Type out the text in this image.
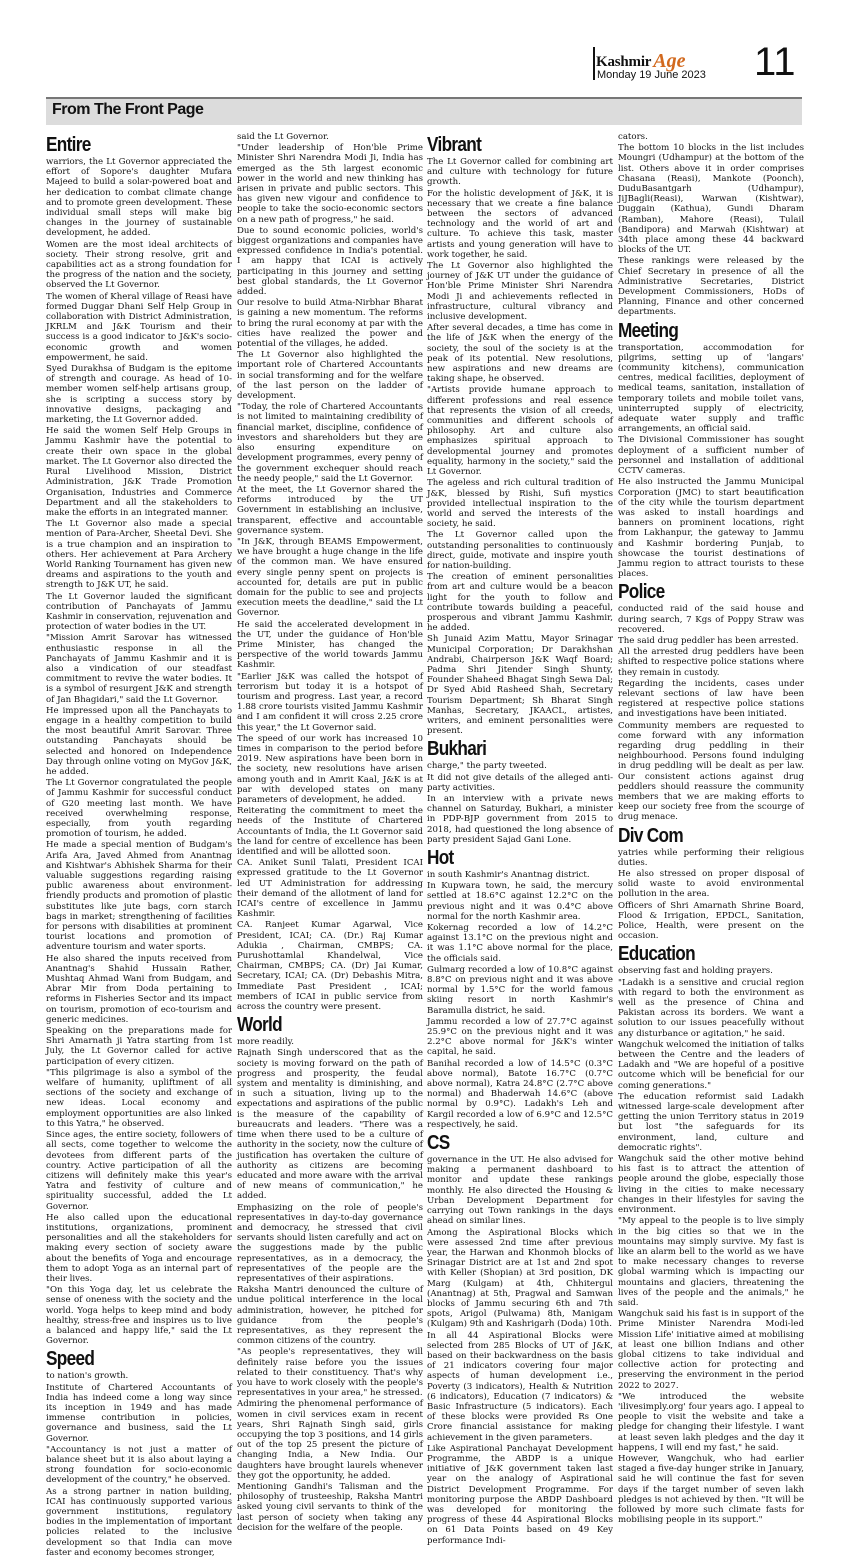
Kashmir Age
Monday 19 June 2023 11
From The Front Page
Entire

warriors, the Lt Governor appreciated the effort of Sopore's daughter Mufara Majeed to build a solar-powered boat and her dedication to combat climate change and to promote green development. These individual small steps will make big changes in the journey of sustainable development, he added.

Women are the most ideal architects of society. Their strong resolve, grit and capabilities act as a strong foundation for the progress of the nation and the society, observed the Lt Governor.

The women of Kheral village of Reasi have formed Duggar Dhani Self Help Group in collaboration with District Administration, JKRLM and J&K Tourism and their success is a good indicator to J&K's socio-economic growth and women empowerment, he said.

Syed Durakhsa of Budgam is the epitome of strength and courage. As head of 10-member women self-help artisans group, she is scripting a success story by innovative designs, packaging and marketing, the Lt Governor added.

He said the women Self Help Groups in Jammu Kashmir have the potential to create their own space in the global market. The Lt Governor also directed the Rural Livelihood Mission, District Administration, J&K Trade Promotion Organisation, Industries and Commerce Department and all the stakeholders to make the efforts in an integrated manner.

The Lt Governor also made a special mention of Para-Archer, Sheetal Devi. She is a true champion and an inspiration to others. Her achievement at Para Archery World Ranking Tournament has given new dreams and aspirations to the youth and strength to J&K UT, he said.

The Lt Governor lauded the significant contribution of Panchayats of Jammu Kashmir in conservation, rejuvenation and protection of water bodies in the UT.

"Mission Amrit Sarovar has witnessed enthusiastic response in all the Panchayats of Jammu Kashmir and it is also a vindication of our steadfast commitment to revive the water bodies. It is a symbol of resurgent J&K and strength of Jan Bhagidari," said the Lt Governor.

He impressed upon all the Panchayats to engage in a healthy competition to build the most beautiful Amrit Sarovar. Three outstanding Panchayats should be selected and honored on Independence Day through online voting on MyGov J&K, he added.

The Lt Governor congratulated the people of Jammu Kashmir for successful conduct of G20 meeting last month. We have received overwhelming response, especially, from youth regarding promotion of tourism, he added.

He made a special mention of Budgam's Arifa Ara, Javed Ahmed from Anantnag and Kishtwar's Abhishek Sharma for their valuable suggestions regarding raising public awareness about environment-friendly products and promotion of plastic substitutes like jute bags, corn starch bags in market; strengthening of facilities for persons with disabilities at prominent tourist locations and promotion of adventure tourism and water sports.

He also shared the inputs received from Anantnag's Shahid Hussain Rather, Mushtaq Ahmad Wani from Budgam, and Abrar Mir from Doda pertaining to reforms in Fisheries Sector and its impact on tourism, promotion of eco-tourism and generic medicines.

Speaking on the preparations made for Shri Amarnath ji Yatra starting from 1st July, the Lt Governor called for active participation of every citizen.

"This pilgrimage is also a symbol of the welfare of humanity, upliftment of all sections of the society and exchange of new ideas. Local economy and employment opportunities are also linked to this Yatra," he observed.

Since ages, the entire society, followers of all sects, come together to welcome the devotees from different parts of the country. Active participation of all the citizens will definitely make this year's Yatra and festivity of culture and spirituality successful, added the Lt Governor.

He also called upon the educational institutions, organizations, prominent personalities and all the stakeholders for making every section of society aware about the benefits of Yoga and encourage them to adopt Yoga as an internal part of their lives.

"On this Yoga day, let us celebrate the sense of oneness with the society and the world. Yoga helps to keep mind and body healthy, stress-free and inspires us to live a balanced and happy life," said the Lt Governor.

Speed

to nation's growth.

Institute of Chartered Accountants of India has indeed come a long way since its inception in 1949 and has made immense contribution in policies, governance and business, said the Lt Governor.

"Accountancy is not just a matter of balance sheet but it is also about laying a strong foundation for socio-economic development of the country," he observed.

As a strong partner in nation building, ICAI has continuously supported various government institutions, regulatory bodies in the implementation of important policies related to the inclusive development so that India can move faster and economy becomes stronger,

said the Lt Governor.

"Under leadership of Hon'ble Prime Minister Shri Narendra Modi Ji, India has emerged as the 5th largest economic power in the world and new thinking has arisen in private and public sectors. This has given new vigour and confidence to people to take the socio-economic sectors on a new path of progress," he said.

Due to sound economic policies, world's biggest organizations and companies have expressed confidence in India's potential. I am happy that ICAI is actively participating in this journey and setting best global standards, the Lt Governor added.

Our resolve to build Atma-Nirbhar Bharat is gaining a new momentum. The reforms to bring the rural economy at par with the cities have realized the power and potential of the villages, he added.

The Lt Governor also highlighted the important role of Chartered Accountants in social transforming and for the welfare of the last person on the ladder of development.

"Today, the role of Chartered Accountants is not limited to maintaining credibility of financial market, discipline, confidence of investors and shareholders but they are also ensuring expenditure on development programmes, every penny of the government exchequer should reach the needy people," said the Lt Governor.

At the meet, the Lt Governor shared the reforms introduced by the UT Government in establishing an inclusive, transparent, effective and accountable governance system.

"In J&K, through BEAMS Empowerment, we have brought a huge change in the life of the common man. We have ensured every single penny spent on projects is accounted for, details are put in public domain for the public to see and projects execution meets the deadline," said the Lt Governor.

He said the accelerated development in the UT, under the guidance of Hon'ble Prime Minister, has changed the perspective of the world towards Jammu Kashmir.

"Earlier J&K was called the hotspot of terrorism but today it is a hotspot of tourism and progress. Last year, a record 1.88 crore tourists visited Jammu Kashmir and I am confident it will cross 2.25 crore this year," the Lt Governor said.

The speed of our work has increased 10 times in comparison to the period before 2019. New aspirations have been born in the society, new resolutions have arisen among youth and in Amrit Kaal, J&K is at par with developed states on many parameters of development, he added.

Reiterating the commitment to meet the needs of the Institute of Chartered Accountants of India, the Lt Governor said the land for centre of excellence has been identified and will be allotted soon.

CA. Aniket Sunil Talati, President ICAI expressed gratitude to the Lt Governor led UT Administration for addressing their demand of the allotment of land for ICAI's centre of excellence in Jammu Kashmir.

CA. Ranjeet Kumar Agarwal, Vice President, ICAI; CA. (Dr.) Raj Kumar Adukia , Chairman, CMBPS; CA. Purushottamlal Khandelwal, Vice Chairman, CMBPS; CA. (Dr) Jai Kumar, Secretary, ICAI; CA. (Dr) Debashis Mitra, Immediate Past President , ICAI; members of ICAI in public service from across the country were present.

World

more readily.

Rajnath Singh underscored that as the society is moving forward on the path of progress and prosperity, the feudal system and mentality is diminishing, and in such a situation, living up to the expectations and aspirations of the public is the measure of the capability of bureaucrats and leaders. "There was a time when there used to be a culture of authority in the society, now the culture of justification has overtaken the culture of authority as citizens are becoming educated and more aware with the arrival of new means of communication," he added.

Emphasizing on the role of people's representatives in day-to-day governance and democracy, he stressed that civil servants should listen carefully and act on the suggestions made by the public representatives, as in a democracy, the representatives of the people are the representatives of their aspirations.

Raksha Mantri denounced the culture of undue political interference in the local administration, however, he pitched for guidance from the people's representatives, as they represent the common citizens of the country.

"As people's representatives, they will definitely raise before you the issues related to their constituency. That's why you have to work closely with the people's representatives in your area," he stressed.

Admiring the phenomenal performance of women in civil services exam in recent years, Shri Rajnath Singh said, girls occupying the top 3 positions, and 14 girls out of the top 25 present the picture of changing India, a New India. Our daughters have brought laurels whenever they got the opportunity, he added.

Mentioning Gandhi's Talisman and the philosophy of trusteeship, Raksha Mantri asked young civil servants to think of the last person of society when taking any decision for the welfare of the people.

Vibrant

The Lt Governor called for combining art and culture with technology for future growth.

For the holistic development of J&K, it is necessary that we create a fine balance between the sectors of advanced technology and the world of art and culture. To achieve this task, master artists and young generation will have to work together, he said.

The Lt Governor also highlighted the journey of J&K UT under the guidance of Hon'ble Prime Minister Shri Narendra Modi Ji and achievements reflected in infrastructure, cultural vibrancy and inclusive development.

After several decades, a time has come in the life of J&K when the energy of the society, the soul of the society is at the peak of its potential. New resolutions, new aspirations and new dreams are taking shape, he observed.

"Artists provide humane approach to different professions and real essence that represents the vision of all creeds, communities and different schools of philosophy. Art and culture also emphasizes spiritual approach to developmental journey and promotes equality, harmony in the society," said the Lt Governor.

The ageless and rich cultural tradition of J&K, blessed by Rishi, Sufi mystics provided intellectual inspiration to the world and served the interests of the society, he said.

The Lt Governor called upon the outstanding personalities to continuously direct, guide, motivate and inspire youth for nation-building.

The creation of eminent personalities from art and culture would be a beacon light for the youth to follow and contribute towards building a peaceful, prosperous and vibrant Jammu Kashmir, he added.

Sh Junaid Azim Mattu, Mayor Srinagar Municipal Corporation; Dr Darakhshan Andrabi, Chairperson J&K Waqf Board; Padma Shri Jitender Singh Shunty, Founder Shaheed Bhagat Singh Sewa Dal; Dr Syed Abid Rasheed Shah, Secretary Tourism Department; Sh Bharat Singh Manhas, Secretary, JKAACL, artistes, writers, and eminent personalities were present.

Bukhari

charge," the party tweeted.

It did not give details of the alleged anti-party activities.

In an interview with a private news channel on Saturday, Bukhari, a minister in PDP-BJP government from 2015 to 2018, had questioned the long absence of party president Sajad Gani Lone.

Hot

in south Kashmir's Anantnag district.

In Kupwara town, he said, the mercury settled at 18.6°C against 12.2°C on the previous night and it was 0.4°C above normal for the north Kashmir area.

Kokernag recorded a low of 14.2°C against 13.1°C on the previous night and it was 1.1°C above normal for the place, the officials said.

Gulmarg recorded a low of 10.8°C against 8.8°C on previous night and it was above normal by 1.5°C for the world famous skiing resort in north Kashmir's Baramulla district, he said.

Jammu recorded a low of 27.7°C against 25.9°C on the previous night and it was 2.2°C above normal for J&K's winter capital, he said.

Banihal recorded a low of 14.5°C (0.3°C above normal), Batote 16.7°C (0.7°C above normal), Katra 24.8°C (2.7°C above normal) and Bhaderwah 14.6°C (above normal by 0.9°C). Ladakh's Leh and Kargil recorded a low of 6.9°C and 12.5°C respectively, he said.

CS

governance in the UT. He also advised for making a permanent dashboard to monitor and update these rankings monthly. He also directed the Housing & Urban Development Department for carrying out Town rankings in the days ahead on similar lines.

Among the Aspirational Blocks which were assessed 2nd time after previous year, the Harwan and Khonmoh blocks of Srinagar District are at 1st and 2nd spot with Keller (Shopian) at 3rd position, DK Marg (Kulgam) at 4th, Chhitergul (Anantnag) at 5th, Pragwal and Samwan blocks of Jammu securing 6th and 7th spots, Arigol (Pulwama) 8th, Manigam (Kulgam) 9th and Kashrigarh (Doda) 10th.

In all 44 Aspirational Blocks were selected from 285 Blocks of UT of J&K, based on their backwardness on the basis of 21 indicators covering four major aspects of human development i.e., Poverty (3 indicators), Health & Nutrition (6 indicators), Education (7 indicators) & Basic Infrastructure (5 indicators). Each of these blocks were provided Rs One Crore financial assistance for making achievement in the given parameters.

Like Aspirational Panchayat Development Programme, the ABDP is a unique initiative of J&K government taken last year on the analogy of Aspirational District Development Programme. For monitoring purpose the ABDP Dashboard was developed for monitoring the progress of these 44 Aspirational Blocks on 61 Data Points based on 49 Key performance Indi-

cators.

The bottom 10 blocks in the list includes Moungri (Udhampur) at the bottom of the list. Others above it in order comprises Chasana (Reasi), Mankote (Poonch), DuduBasantgarh (Udhampur), JiJBagli(Reasi), Warwan (Kishtwar), Duggain (Kathua), Gundi Dharam (Ramban), Mahore (Reasi), Tulail (Bandipora) and Marwah (Kishtwar) at 34th place among these 44 backward blocks of the UT.

These rankings were released by the Chief Secretary in presence of all the Administrative Secretaries, District Development Commissioners, HoDs of Planning, Finance and other concerned departments.

Meeting

transportation, accommodation for pilgrims, setting up of 'langars' (community kitchens), communication centres, medical facilities, deployment of medical teams, sanitation, installation of temporary toilets and mobile toilet vans, uninterrupted supply of electricity, adequate water supply and traffic arrangements, an official said.

The Divisional Commissioner has sought deployment of a sufficient number of personnel and installation of additional CCTV cameras.

He also instructed the Jammu Municipal Corporation (JMC) to start beautification of the city while the tourism department was asked to install hoardings and banners on prominent locations, right from Lakhanpur, the gateway to Jammu and Kashmir bordering Punjab, to showcase the tourist destinations of Jammu region to attract tourists to these places.

Police

conducted raid of the said house and during search, 7 Kgs of Poppy Straw was recovered.

The said drug peddler has been arrested.

All the arrested drug peddlers have been shifted to respective police stations where they remain in custody.

Regarding the incidents, cases under relevant sections of law have been registered at respective police stations and investigations have been initiated.

Community members are requested to come forward with any information regarding drug peddling in their neighbourhood. Persons found indulging in drug peddling will be dealt as per law. Our consistent actions against drug peddlers should reassure the community members that we are making efforts to keep our society free from the scourge of drug menace.

Div Com

yatries while performing their religious duties.

He also stressed on proper disposal of solid waste to avoid environmental pollution in the area.

Officers of Shri Amarnath Shrine Board, Flood & Irrigation, EPDCL, Sanitation, Police, Health, were present on the occasion.

Education

observing fast and holding prayers.

"Ladakh is a sensitive and crucial region with regard to both the environment as well as the presence of China and Pakistan across its borders. We want a solution to our issues peacefully without any disturbance or agitation," he said.

Wangchuk welcomed the initiation of talks between the Centre and the leaders of Ladakh and "We are hopeful of a positive outcome which will be beneficial for our coming generations."

The education reformist said Ladakh witnessed large-scale development after getting the union Territory status in 2019 but lost "the safeguards for its environment, land, culture and democratic rights".

Wangchuk said the other motive behind his fast is to attract the attention of people around the globe, especially those living in the cities to make necessary changes in their lifestyles for saving the environment.

"My appeal to the people is to live simply in the big cities so that we in the mountains may simply survive. My fast is like an alarm bell to the world as we have to make necessary changes to reverse global warming which is impacting our mountains and glaciers, threatening the lives of the people and the animals," he said.

Wangchuk said his fast is in support of the Prime Minister Narendra Modi-led Mission Life' initiative aimed at mobilising at least one billion Indians and other global citizens to take individual and collective action for protecting and preserving the environment in the period 2022 to 2027.

"We introduced the website 'ilivesimply.org' four years ago. I appeal to people to visit the website and take a pledge for changing their lifestyle. I want at least seven lakh pledges and the day it happens, I will end my fast," he said.

However, Wangchuk, who had earlier staged a five-day hunger strike in January, said he will continue the fast for seven days if the target number of seven lakh pledges is not achieved by then. "It will be followed by more such climate fasts for mobilising people in its support."
